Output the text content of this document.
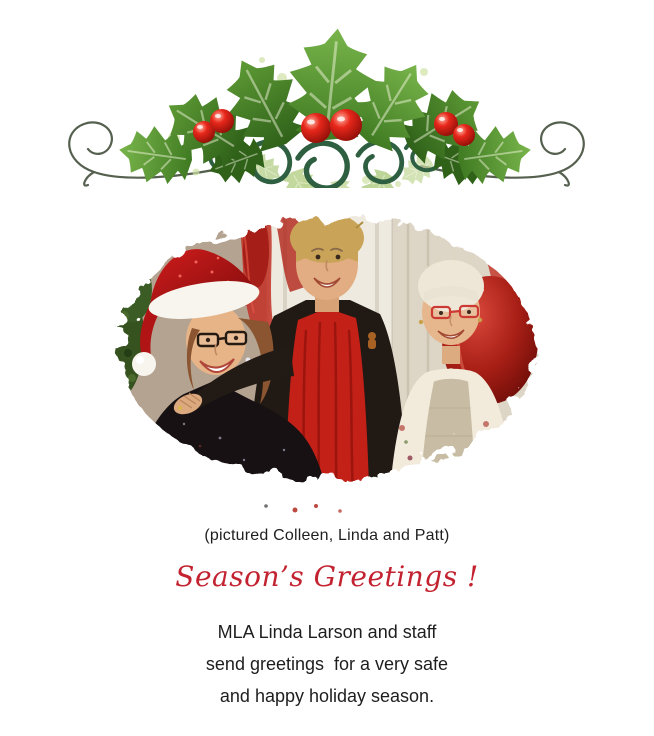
(pictured Colleen, Linda and Patt)
Season’s Greetings !
MLA Linda Larson and staff
send greetings  for a very safe
and happy holiday season.
